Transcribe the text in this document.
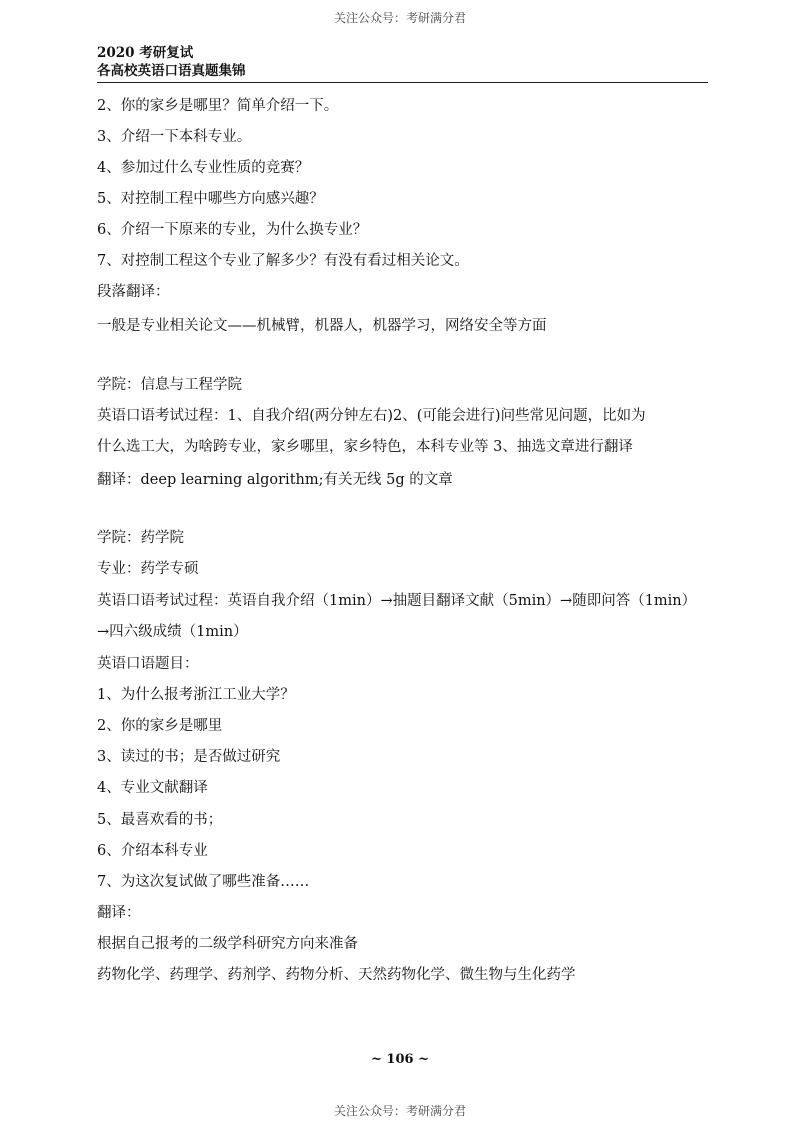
关注公众号：考研满分君
2020 考研复试
各高校英语口语真题集锦
2、你的家乡是哪里？简单介绍一下。
3、介绍一下本科专业。
4、参加过什么专业性质的竞赛？
5、对控制工程中哪些方向感兴趣？
6、介绍一下原来的专业，为什么换专业？
7、对控制工程这个专业了解多少？有没有看过相关论文。
段落翻译：
一般是专业相关论文——机械臂，机器人，机器学习，网络安全等方面
学院：信息与工程学院
英语口语考试过程：1、自我介绍(两分钟左右)2、(可能会进行)问些常见问题，比如为
什么选工大，为啥跨专业，家乡哪里，家乡特色，本科专业等 3、抽选文章进行翻译
翻译：deep learning algorithm;有关无线 5g 的文章
学院：药学院
专业：药学专硕
英语口语考试过程：英语自我介绍（1min）→抽题目翻译文献（5min）→随即问答（1min）
→四六级成绩（1min）
英语口语题目：
1、为什么报考浙江工业大学？
2、你的家乡是哪里
3、读过的书；是否做过研究
4、专业文献翻译
5、最喜欢看的书；
6、介绍本科专业
7、为这次复试做了哪些准备……
翻译：
根据自己报考的二级学科研究方向来准备
药物化学、药理学、药剂学、药物分析、天然药物化学、微生物与生化药学
~ 106 ~
关注公众号：考研满分君
